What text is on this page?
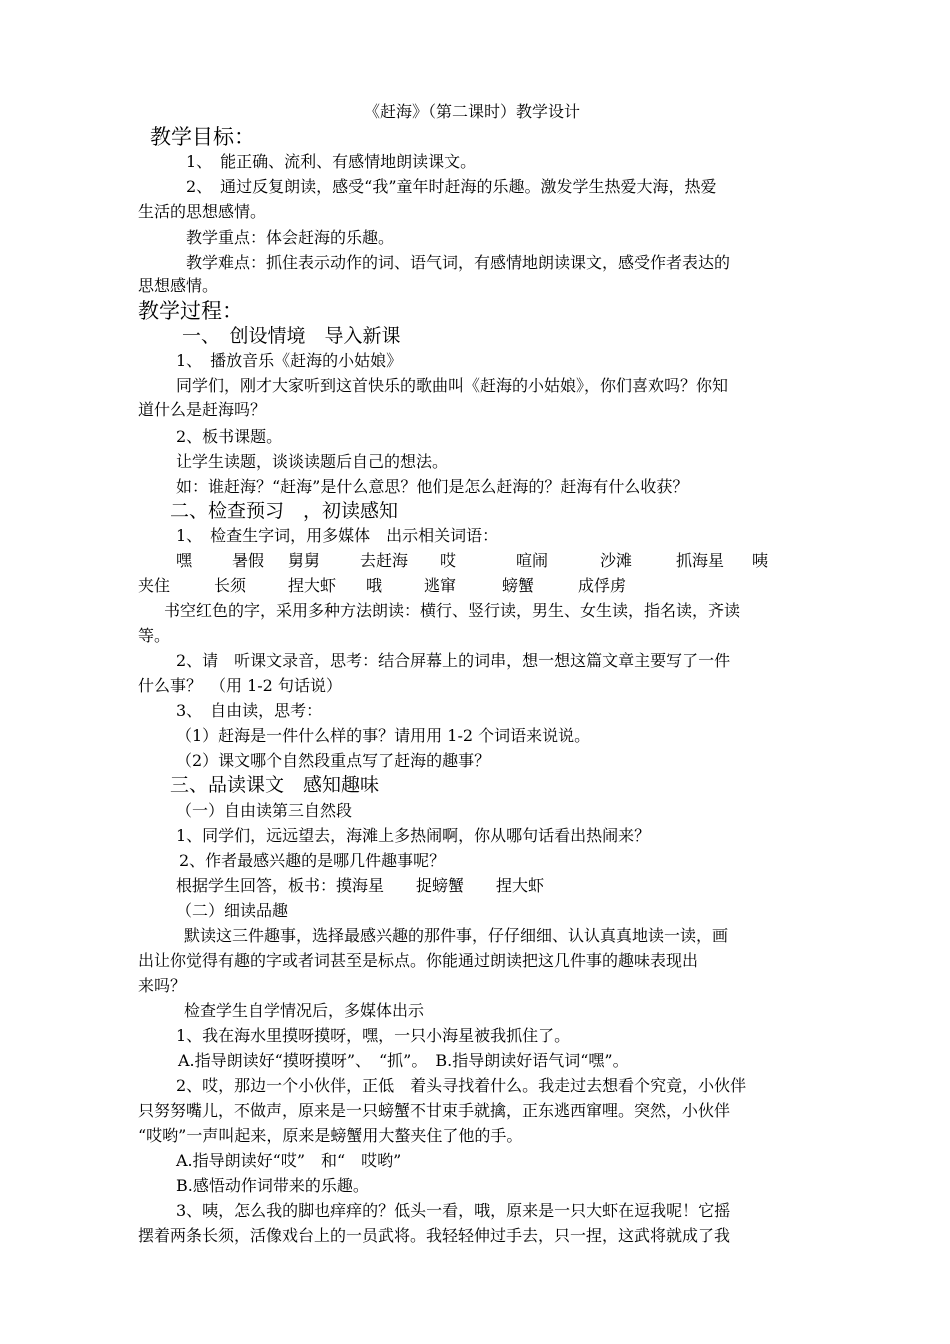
《赶海》（第二课时）教学设计
教学目标：
1、　能正确、流利、有感情地朗读课文。
2、　通过反复朗读，感受“我”童年时赶海的乐趣。激发学生热爱大海，热爱
生活的思想感情。
教学重点：体会赶海的乐趣。
教学难点：抓住表示动作的词、语气词，有感情地朗读课文，感受作者表达的
思想感情。
教学过程：
一、　创设情境　导入新课
1、　播放音乐《赶海的小姑娘》
同学们，刚才大家听到这首快乐的歌曲叫《赶海的小姑娘》，你们喜欢吗？你知
道什么是赶海吗？
2、板书课题。
让学生读题，谈谈读题后自己的想法。
如：谁赶海？“赶海”是什么意思？他们是怎么赶海的？赶海有什么收获？
二、检查预习　，初读感知
1、　检查生字词，用多媒体　出示相关词语：
嘿 暑假 舅舅 去赶海 哎	喧闹	沙滩	抓海星 咦
夹住	长须	捏大虾 哦	逃窜	螃蟹	成俘虏
书空红色的字，采用多种方法朗读：横行、竖行读，男生、女生读，指名读，齐读
等。
2、请　听课文录音，思考：结合屏幕上的词串，想一想这篇文章主要写了一件
什么事？　（用 1-2 句话说）
3、　自由读，思考：
（1）赶海是一件什么样的事？请用用 1-2 个词语来说说。
（2）课文哪个自然段重点写了赶海的趣事？
三、品读课文　感知趣味
（一）自由读第三自然段
1、同学们，远远望去，海滩上多热闹啊，你从哪句话看出热闹来？
2、作者最感兴趣的是哪几件趣事呢？
根据学生回答，板书：摸海星　　捉螃蟹　　捏大虾
（二）细读品趣
默读这三件趣事，选择最感兴趣的那件事，仔仔细细、认认真真地读一读，画
出让你觉得有趣的字或者词甚至是标点。你能通过朗读把这几件事的趣味表现出
来吗？
检查学生自学情况后，多媒体出示
1、我在海水里摸呀摸呀，嘿，一只小海星被我抓住了。
A.指导朗读好“摸呀摸呀”、　“抓”。　B.指导朗读好语气词“嘿”。
2、哎，那边一个小伙伴，正低　着头寻找着什么。我走过去想看个究竟，小伙伴
只努努嘴儿，不做声，原来是一只螃蟹不甘束手就擒，正东逃西窜哩。突然，小伙伴
“哎哟”一声叫起来，原来是螃蟹用大螯夹住了他的手。
A.指导朗读好“哎”　和“　哎哟”
B.感悟动作词带来的乐趣。
3、咦，怎么我的脚也痒痒的？低头一看，哦，原来是一只大虾在逗我呢！它摇
摆着两条长须，活像戏台上的一员武将。我轻轻伸过手去，只一捏，这武将就成了我
